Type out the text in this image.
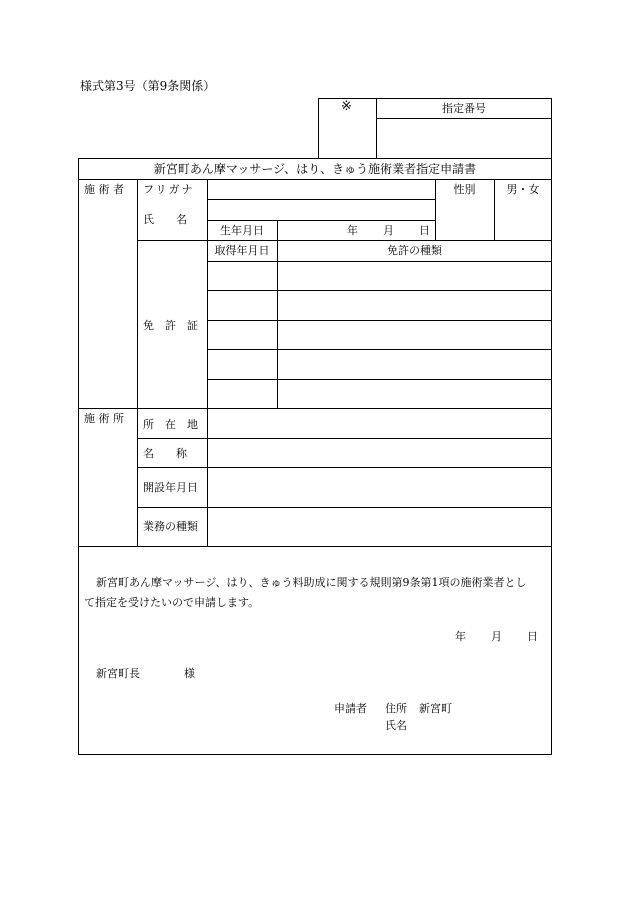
様式第3号（第9条関係）
※	指定番号
新宮町あん摩マッサージ、はり、きゅう施術業者指定申請書
施 術 者 フリガナ	性別	男・女
氏　　名
生年月日	年　　月　　日
免　許　証
取得年月日	免許の種類
施 術 所 所　在　地
名　　称
開設年月日
業務の種類
新宮町あん摩マッサージ、はり、きゅう料助成に関する規則第9条第1項の施術業者とし
て指定を受けたいので申請します。
年　　月　　日
新宮町長　　　　様
申請者 住所 新宮町
氏名
